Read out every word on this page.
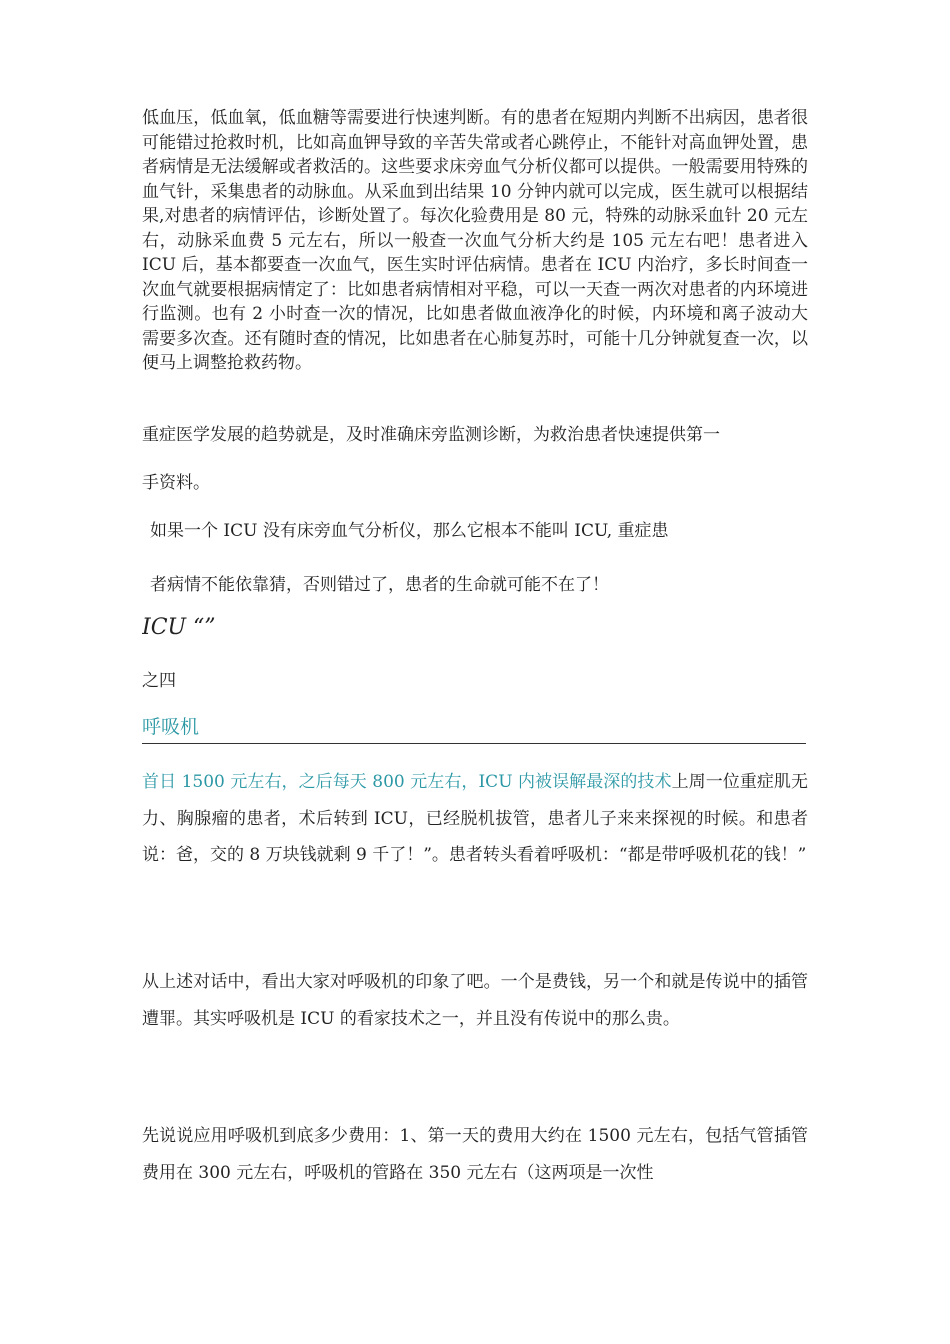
低血压，低血氧，低血糖等需要进行快速判断。有的患者在短期内判断不出病因，患者很可能错过抢救时机，比如高血钾导致的辛苦失常或者心跳停止，不能针对高血钾处置，患者病情是无法缓解或者救活的。这些要求床旁血气分析仪都可以提供。一般需要用特殊的血气针，采集患者的动脉血。从采血到出结果 10 分钟内就可以完成，医生就可以根据结果,对患者的病情评估，诊断处置了。每次化验费用是 80 元，特殊的动脉采血针 20 元左右，动脉采血费 5 元左右，所以一般查一次血气分析大约是 105 元左右吧！患者进入 ICU 后，基本都要查一次血气，医生实时评估病情。患者在 ICU 内治疗，多长时间查一次血气就要根据病情定了：比如患者病情相对平稳，可以一天查一两次对患者的内环境进行监测。也有 2 小时查一次的情况，比如患者做血液净化的时候，内环境和离子波动大需要多次查。还有随时查的情况，比如患者在心肺复苏时，可能十几分钟就复查一次，以便马上调整抢救药物。

重症医学发展的趋势就是，及时准确床旁监测诊断，为救治患者快速提供第一

手资料。

如果一个 ICU 没有床旁血气分析仪，那么它根本不能叫 ICU, 重症患

者病情不能依靠猜，否则错过了，患者的生命就可能不在了！

ICU “”

之四

呼吸机

首日 1500 元左右，之后每天 800 元左右，ICU 内被误解最深的技术上周一位重症肌无力、胸腺瘤的患者，术后转到 ICU，已经脱机拔管，患者儿子来来探视的时候。和患者说：爸，交的 8 万块钱就剩 9 千了！”。患者转头看着呼吸机：“都是带呼吸机花的钱！”

从上述对话中，看出大家对呼吸机的印象了吧。一个是费钱，另一个和就是传说中的插管遭罪。其实呼吸机是 ICU 的看家技术之一，并且没有传说中的那么贵。

先说说应用呼吸机到底多少费用：1、第一天的费用大约在 1500 元左右，包括气管插管费用在 300 元左右，呼吸机的管路在 350 元左右（这两项是一次性
